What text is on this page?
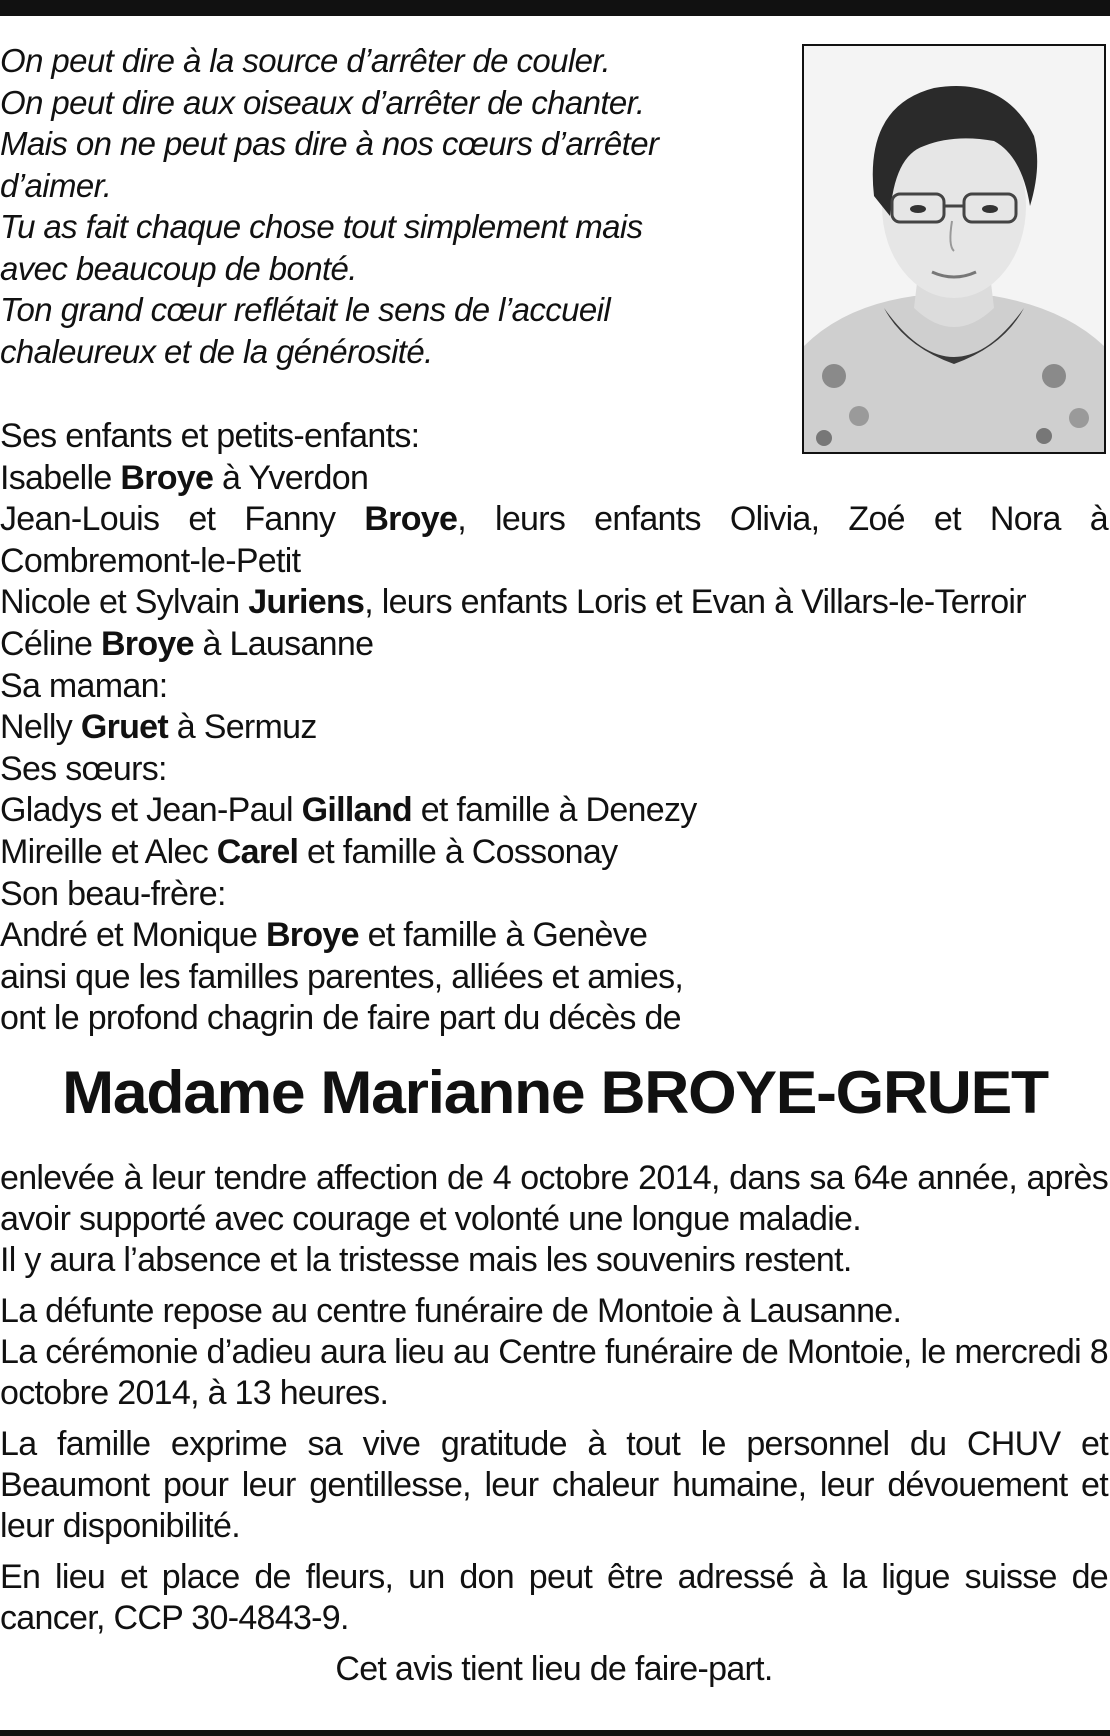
On peut dire à la source d’arrêter de couler.

On peut dire aux oiseaux d’arrêter de chanter.

Mais on ne peut pas dire à nos cœurs d’arrêter d’aimer.

Tu as fait chaque chose tout simplement mais avec beaucoup de bonté.

Ton grand cœur reflétait le sens de l’accueil chaleureux et de la générosité.

Ses enfants et petits-enfants:

Isabelle Broye à Yverdon

Jean-Louis et Fanny Broye, leurs enfants Olivia, Zoé et Nora à Combremont-le-Petit

Nicole et Sylvain Juriens, leurs enfants Loris et Evan à Villars-le-Terroir

Céline Broye à Lausanne

Sa maman:

Nelly Gruet à Sermuz

Ses sœurs:

Gladys et Jean-Paul Gilland et famille à Denezy

Mireille et Alec Carel et famille à Cossonay

Son beau-frère:

André et Monique Broye et famille à Genève

ainsi que les familles parentes, alliées et amies,

ont le profond chagrin de faire part du décès de

Madame Marianne BROYE-GRUET

enlevée à leur tendre affection de 4 octobre 2014, dans sa 64e année, après avoir supporté avec courage et volonté une longue maladie.
Il y aura l’absence et la tristesse mais les souvenirs restent.

La défunte repose au centre funéraire de Montoie à Lausanne.
La cérémonie d’adieu aura lieu au Centre funéraire de Montoie, le mercredi 8 octobre 2014, à 13 heures.

La famille exprime sa vive gratitude à tout le personnel du CHUV et Beaumont pour leur gentillesse, leur chaleur humaine, leur dévouement et leur disponibilité.

En lieu et place de fleurs, un don peut être adressé à la ligue suisse de cancer, CCP 30-4843-9.

Cet avis tient lieu de faire-part.
